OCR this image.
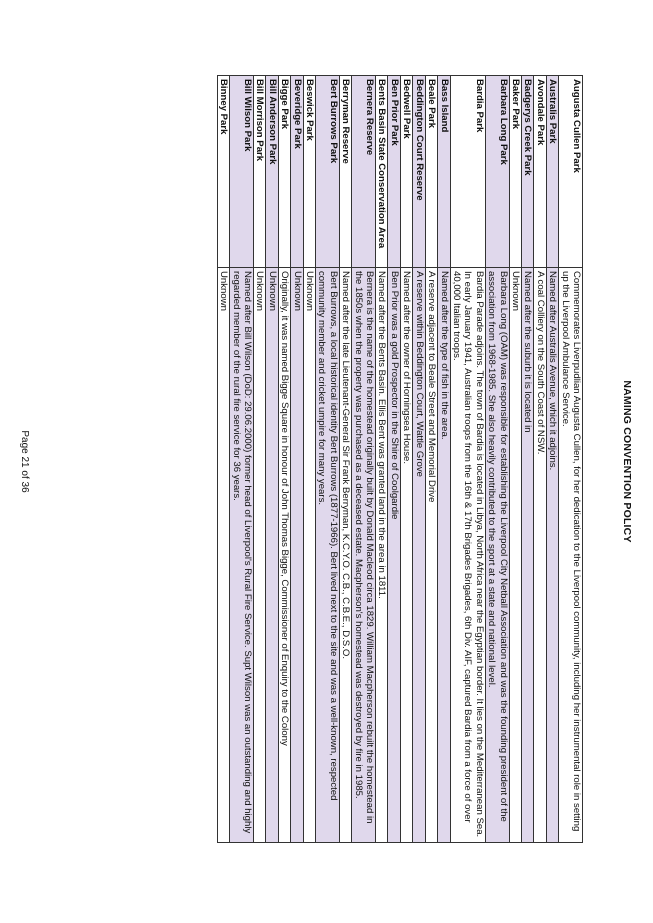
NAMING CONVENTION POLICY
Augusta Cullen Park	Commemorates Liverpudlian Augusta Cullen, for her dedication to the Liverpool community, including her instrumental role in setting up the Liverpool Ambulance Service.
Australis Park	Named after Australis Avenue, which it adjoins.
Avondale Park	A coal Colliery on the South Coast of NSW.
Badgerys Creek Park	Named after the suburb it is located in
Baker Park	Unknown
Barbara Long Park	Barbara Long (OAM) was responsible for establishing the Liverpool City Netball Association and was the founding president of the association from 1968-1985. She also heavily contributed to the sport at a state and national level.
Bardia Park	Bardia Parade adjoins. The town of Bardia is located in Libya, North Africa near the Egyptian border. It lies on the Mediterranean Sea. In early January 1941, Australian troops from the 16th & 17th Brigades Brigades, 6th Div. AIF, captured Bardia from a force of over 40,000 Italian troops.
Bass Island	Named after the type of fish in the area.
Beale Park	A reserve adjacent to Beale Street and Memorial Drive
Beddington Court Reserve	A reserve within Beddington Court, Wattle Grove
Bedwell Park	Named after the owner of Horningsea House.
Ben Prior Park	Ben Prior was a gold Prospector in the Shire of Coolgardie
Bents Basin State Conservation Area	Named after the Bents Basin. Ellis Bent was granted land in the area in 1811.
Bernera Reserve	Bernera is the name of the homestead originally built by Donald Macleod circa 1829. William Macpherson rebuilt the homestead in the 1850s when the property was purchased as a deceased estate. Macpherson's homestead was destroyed by fire in 1985.
Berryman Reserve	Named after the late Lieutenant-General Sir Frank Berryman, K.C.Y.O. C.B., C.B.E., D.S.O.
Bert Burrows Park	Bert Burrows, a local historical identity Bert Burrows (1877-1966). Bert lived next to the site and was a well-known, respected community member and cricket umpire for many years.
Beswick Park	Unknown
Beveridge Park	Unknown
Bigge Park	Originally, it was named Bigge Square in honour of John Thomas Bigge, Commissioner of Enquiry to the Colony
Bill Anderson Park	Unknown
Bill Morrison Park	Unknown
Bill Wilson Park	Named after Bill Wilson (DoD: 29.06.2000) former head of Liverpool's Rural Fire Service. Supt Wilson was an outstanding and highly regarded member of the rural fire service for 36 years.
Binney Park	Unknown
Page 21 of 36
